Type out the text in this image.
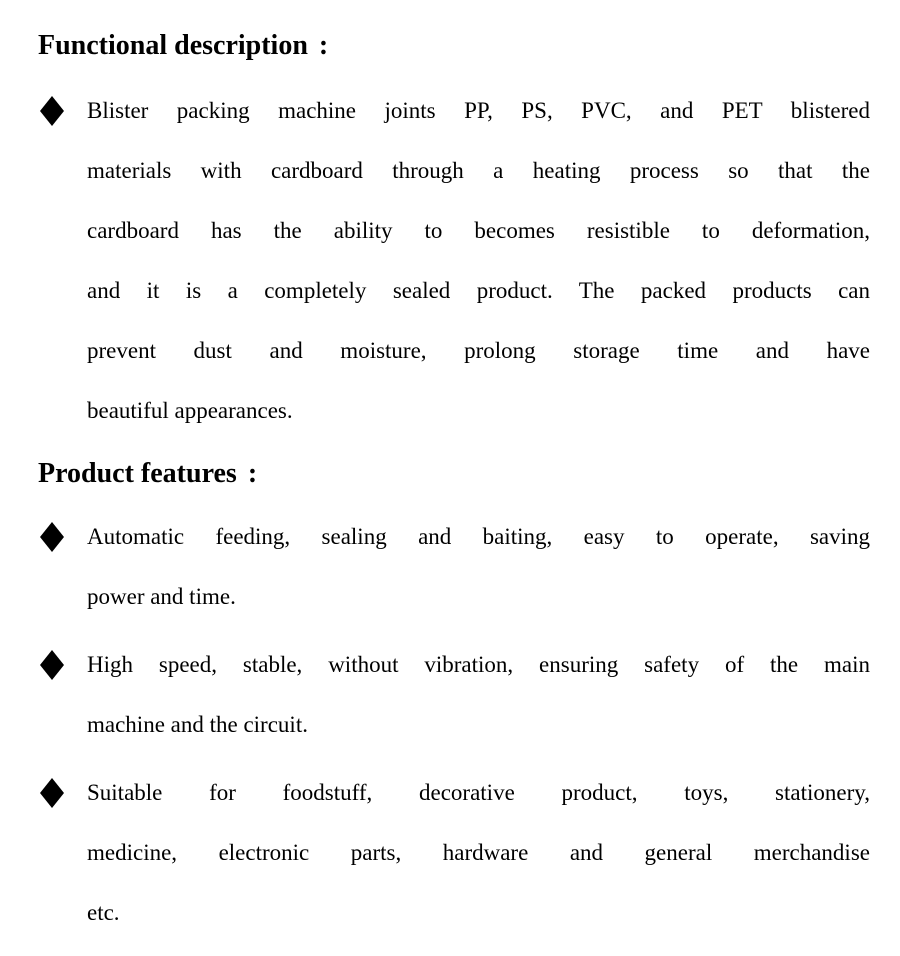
Functional description :
Blister packing machine joints PP, PS, PVC, and PET blistered
materials with cardboard through a heating process so that the
cardboard has the ability to becomes resistible to deformation,
and it is a completely sealed product. The packed products can
prevent dust and moisture, prolong storage time and have
beautiful appearances.
Product features :
Automatic feeding, sealing and baiting, easy to operate, saving
power and time.
High speed, stable, without vibration, ensuring safety of the main
machine and the circuit.
Suitable for foodstuff, decorative product, toys, stationery,
medicine, electronic parts, hardware and general merchandise
etc.
